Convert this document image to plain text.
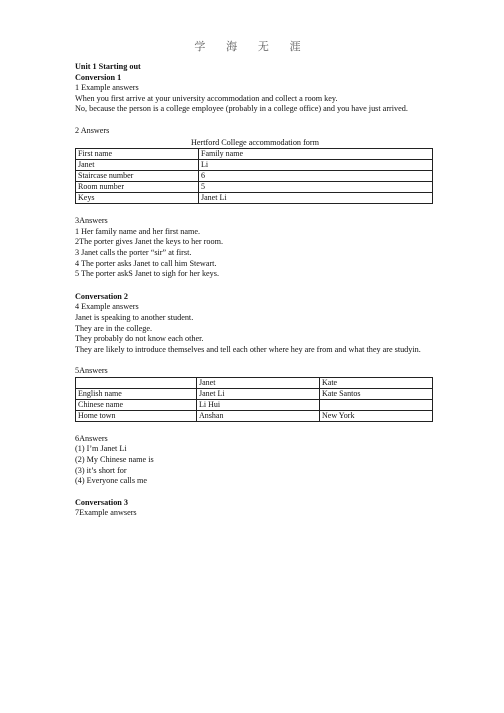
学 海 无 涯
Unit 1 Starting out
Conversion 1
1 Example answers
When you first arrive at your university accommodation and collect a room key.
No, because the person is a college employee (probably in a college office) and you have just arrived.
2 Answers
Hertford College accommodation form
First name	Family name
Janet	Li
Staircase number	6
Room number	5
Keys	Janet Li
3Answers
1 Her family name and her first name.
2The porter gives Janet the keys to her room.
3 Janet calls the porter “sir” at first.
4 The porter asks Janet to call him Stewart.
5 The porter askS Janet to sigh for her keys.
Conversation 2
4 Example answers
Janet is speaking to another student.
They are in the college.
They probably do not know each other.
They are likely to introduce themselves and tell each other where hey are from and what they are studyin.
5Answers
	Janet	Kate
English name	Janet Li	Kate Santos
Chinese name	Li Hui	
Home town	Anshan	New York
6Answers
(1) I’m Janet Li
(2) My Chinese name is
(3) it’s short for
(4) Everyone calls me
Conversation 3
7Example anwsers
